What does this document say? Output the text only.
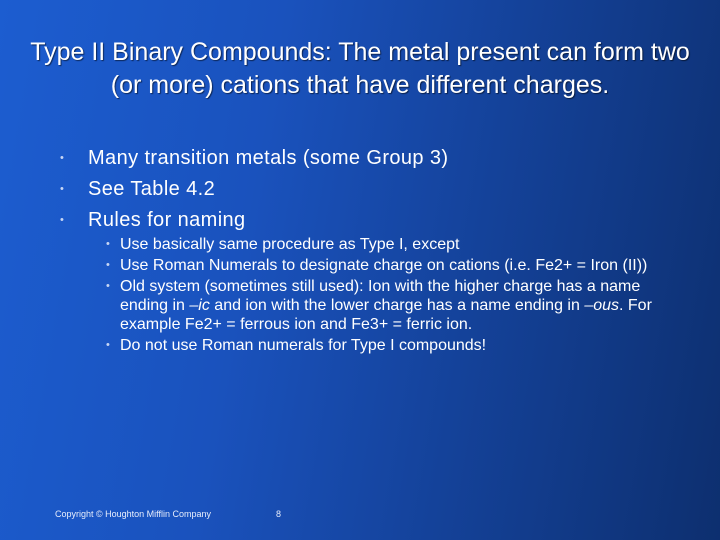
Type II Binary Compounds: The metal present can form two (or more) cations that have different charges.
• Many transition metals (some Group 3)
• See Table 4.2
• Rules for naming
• Use basically same procedure as Type I, except
• Use Roman Numerals to designate charge on cations (i.e. Fe2+ = Iron (II))
• Old system (sometimes still used): Ion with the higher charge has a name ending in –ic and ion with the lower charge has a name ending in –ous. For example Fe2+ = ferrous ion and Fe3+ = ferric ion.
• Do not use Roman numerals for Type I compounds!
Copyright © Houghton Mifflin Company	8
